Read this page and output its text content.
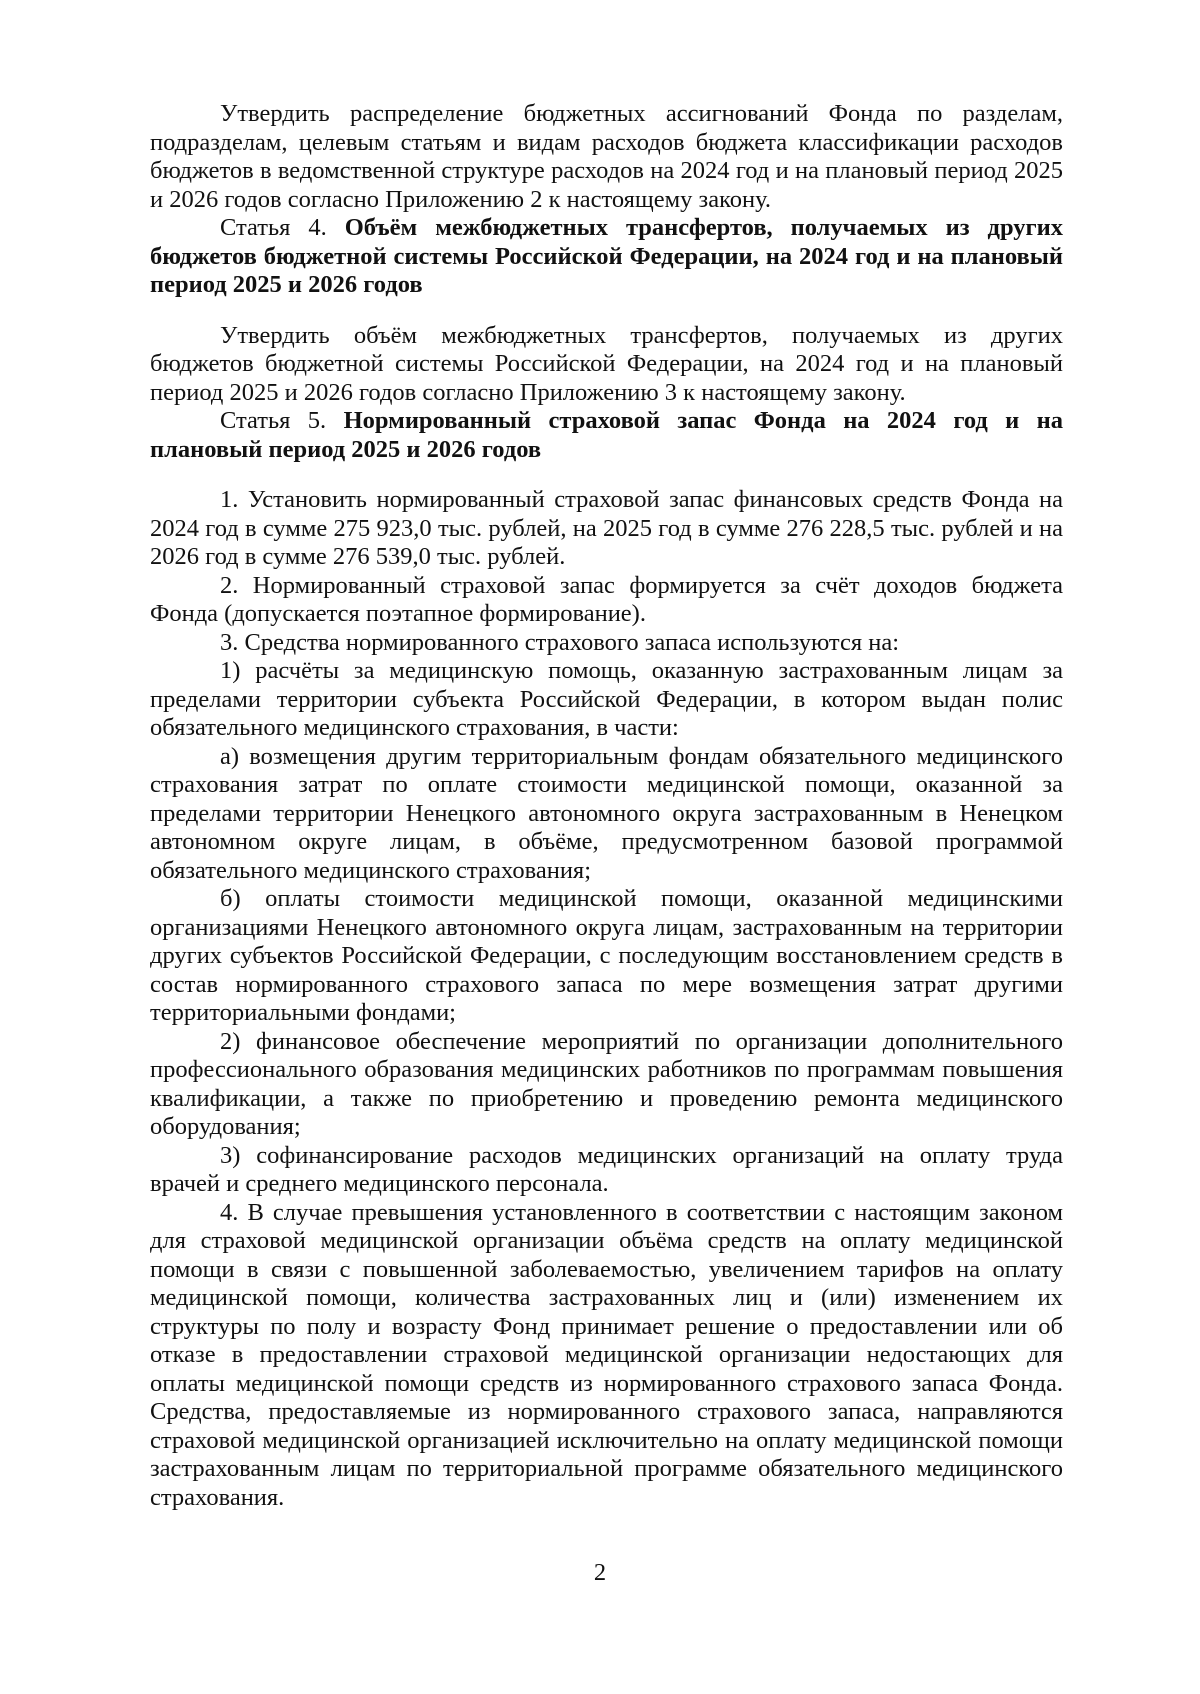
Утвердить распределение бюджетных ассигнований Фонда по разделам, подразделам, целевым статьям и видам расходов бюджета классификации расходов бюджетов в ведомственной структуре расходов на 2024 год и на плановый период 2025 и 2026 годов согласно Приложению 2 к настоящему закону.

Статья 4. Объём межбюджетных трансфертов, получаемых из других бюджетов бюджетной системы Российской Федерации, на 2024 год и на плановый период 2025 и 2026 годов

Утвердить объём межбюджетных трансфертов, получаемых из других бюджетов бюджетной системы Российской Федерации, на 2024 год и на плановый период 2025 и 2026 годов согласно Приложению 3 к настоящему закону.

Статья 5. Нормированный страховой запас Фонда на 2024 год и на плановый период 2025 и 2026 годов

1. Установить нормированный страховой запас финансовых средств Фонда на 2024 год в сумме 275 923,0 тыс. рублей, на 2025 год в сумме 276 228,5 тыс. рублей и на 2026 год в сумме 276 539,0 тыс. рублей.

2. Нормированный страховой запас формируется за счёт доходов бюджета Фонда (допускается поэтапное формирование).

3. Средства нормированного страхового запаса используются на:

1) расчёты за медицинскую помощь, оказанную застрахованным лицам за пределами территории субъекта Российской Федерации, в котором выдан полис обязательного медицинского страхования, в части:

а) возмещения другим территориальным фондам обязательного медицинского страхования затрат по оплате стоимости медицинской помощи, оказанной за пределами территории Ненецкого автономного округа застрахованным в Ненецком автономном округе лицам, в объёме, предусмотренном базовой программой обязательного медицинского страхования;

б) оплаты стоимости медицинской помощи, оказанной медицинскими организациями Ненецкого автономного округа лицам, застрахованным на территории других субъектов Российской Федерации, с последующим восстановлением средств в состав нормированного страхового запаса по мере возмещения затрат другими территориальными фондами;

2) финансовое обеспечение мероприятий по организации дополнительного профессионального образования медицинских работников по программам повышения квалификации, а также по приобретению и проведению ремонта медицинского оборудования;

3) софинансирование расходов медицинских организаций на оплату труда врачей и среднего медицинского персонала.

4. В случае превышения установленного в соответствии с настоящим законом для страховой медицинской организации объёма средств на оплату медицинской помощи в связи с повышенной заболеваемостью, увеличением тарифов на оплату медицинской помощи, количества застрахованных лиц и (или) изменением их структуры по полу и возрасту Фонд принимает решение о предоставлении или об отказе в предоставлении страховой медицинской организации недостающих для оплаты медицинской помощи средств из нормированного страхового запаса Фонда. Средства, предоставляемые из нормированного страхового запаса, направляются страховой медицинской организацией исключительно на оплату медицинской помощи застрахованным лицам по территориальной программе обязательного медицинского страхования.

2
